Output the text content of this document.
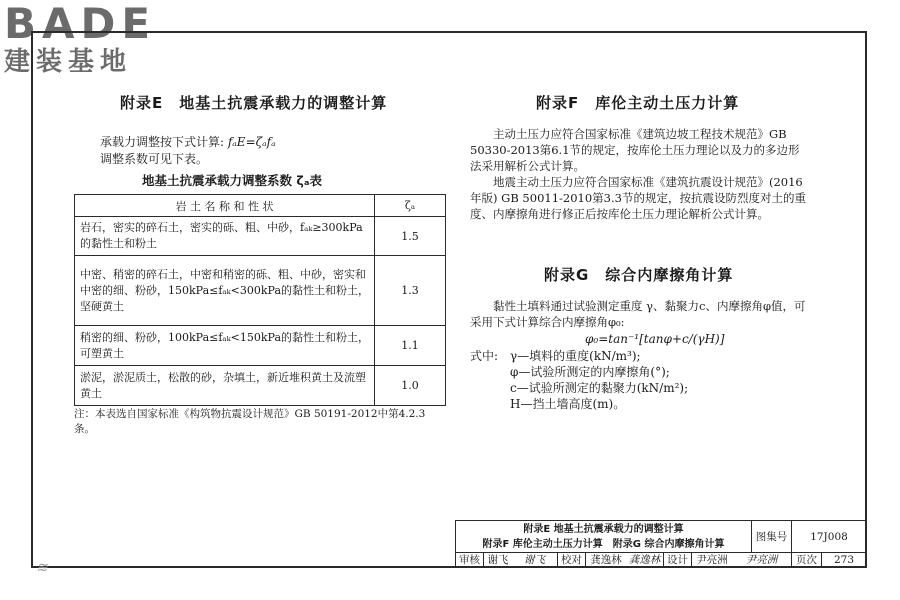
BADE
建装基地
附录E　地基土抗震承载力的调整计算
承载力调整按下式计算: fₐE=ζₐfₐ
调整系数可见下表。
地基土抗震承载力调整系数 ζₐ表
岩 土 名 称 和 性 状	ζₐ
岩石，密实的碎石土，密实的砾、粗、中砂，fₐₖ≥300kPa的黏性土和粉土	1.5
中密、稍密的碎石土，中密和稍密的砾、粗、中砂，密实和中密的细、粉砂，150kPa≤fₐₖ<300kPa的黏性土和粉土，坚硬黄土	1.3
稍密的细、粉砂，100kPa≤fₐₖ<150kPa的黏性土和粉土，可塑黄土	1.1
淤泥，淤泥质土，松散的砂，杂填土，新近堆积黄土及流塑黄土	1.0
注：本表选自国家标准《构筑物抗震设计规范》GB 50191-2012中第4.2.3条。
附录F　库伦主动土压力计算

主动土压力应符合国家标准《建筑边坡工程技术规范》GB 50330-2013第6.1节的规定，按库伦土压力理论以及力的多边形法采用解析公式计算。

地震主动土压力应符合国家标准《建筑抗震设计规范》(2016年版) GB 50011-2010第3.3节的规定，按抗震设防烈度对土的重度、内摩擦角进行修正后按库伦土压力理论解析公式计算。

附录G　综合内摩擦角计算

黏性土填料通过试验测定重度 γ、黏聚力c、内摩擦角φ值，可采用下式计算综合内摩擦角φ₀:

φ₀=tan⁻¹[tanφ+c/(γH)]
式中: γ—填料的重度(kN/m³);
φ—试验所测定的内摩擦角(°);
c—试验所测定的黏聚力(kN/m²);
H—挡土墙高度(m)。
附录E 地基土抗震承载力的调整计算
附录F 库伦主动土压力计算　附录G 综合内摩擦角计算
图集号	17J008
审核 谢飞	谢飞	校对 龚逸林 龚逸林 设计 尹亮洲	尹亮洲	页次	273
≋
